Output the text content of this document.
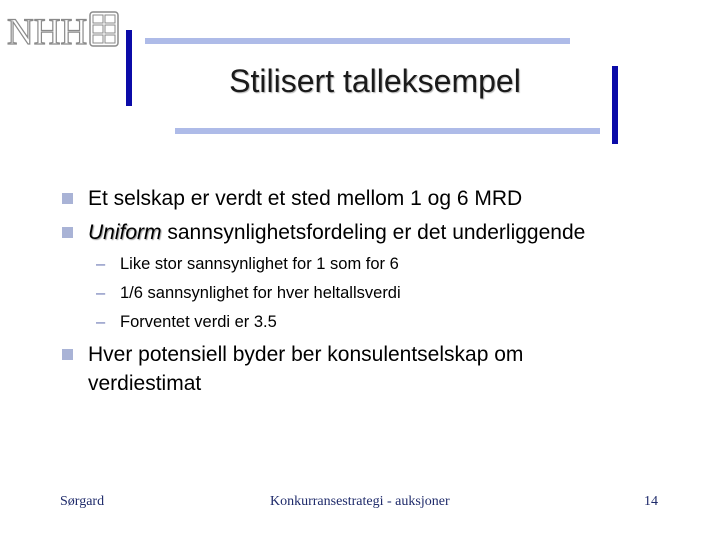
NHH
Stilisert talleksempel
Et selskap er verdt et sted mellom 1 og 6 MRD
Uniform sannsynlighetsfordeling er det underliggende
– Like stor sannsynlighet for 1 som for 6
– 1/6 sannsynlighet for hver heltallsverdi
– Forventet verdi er 3.5
Hver potensiell byder ber konsulentselskap om
verdiestimat
Sørgard	Konkurransestrategi - auksjoner	14
